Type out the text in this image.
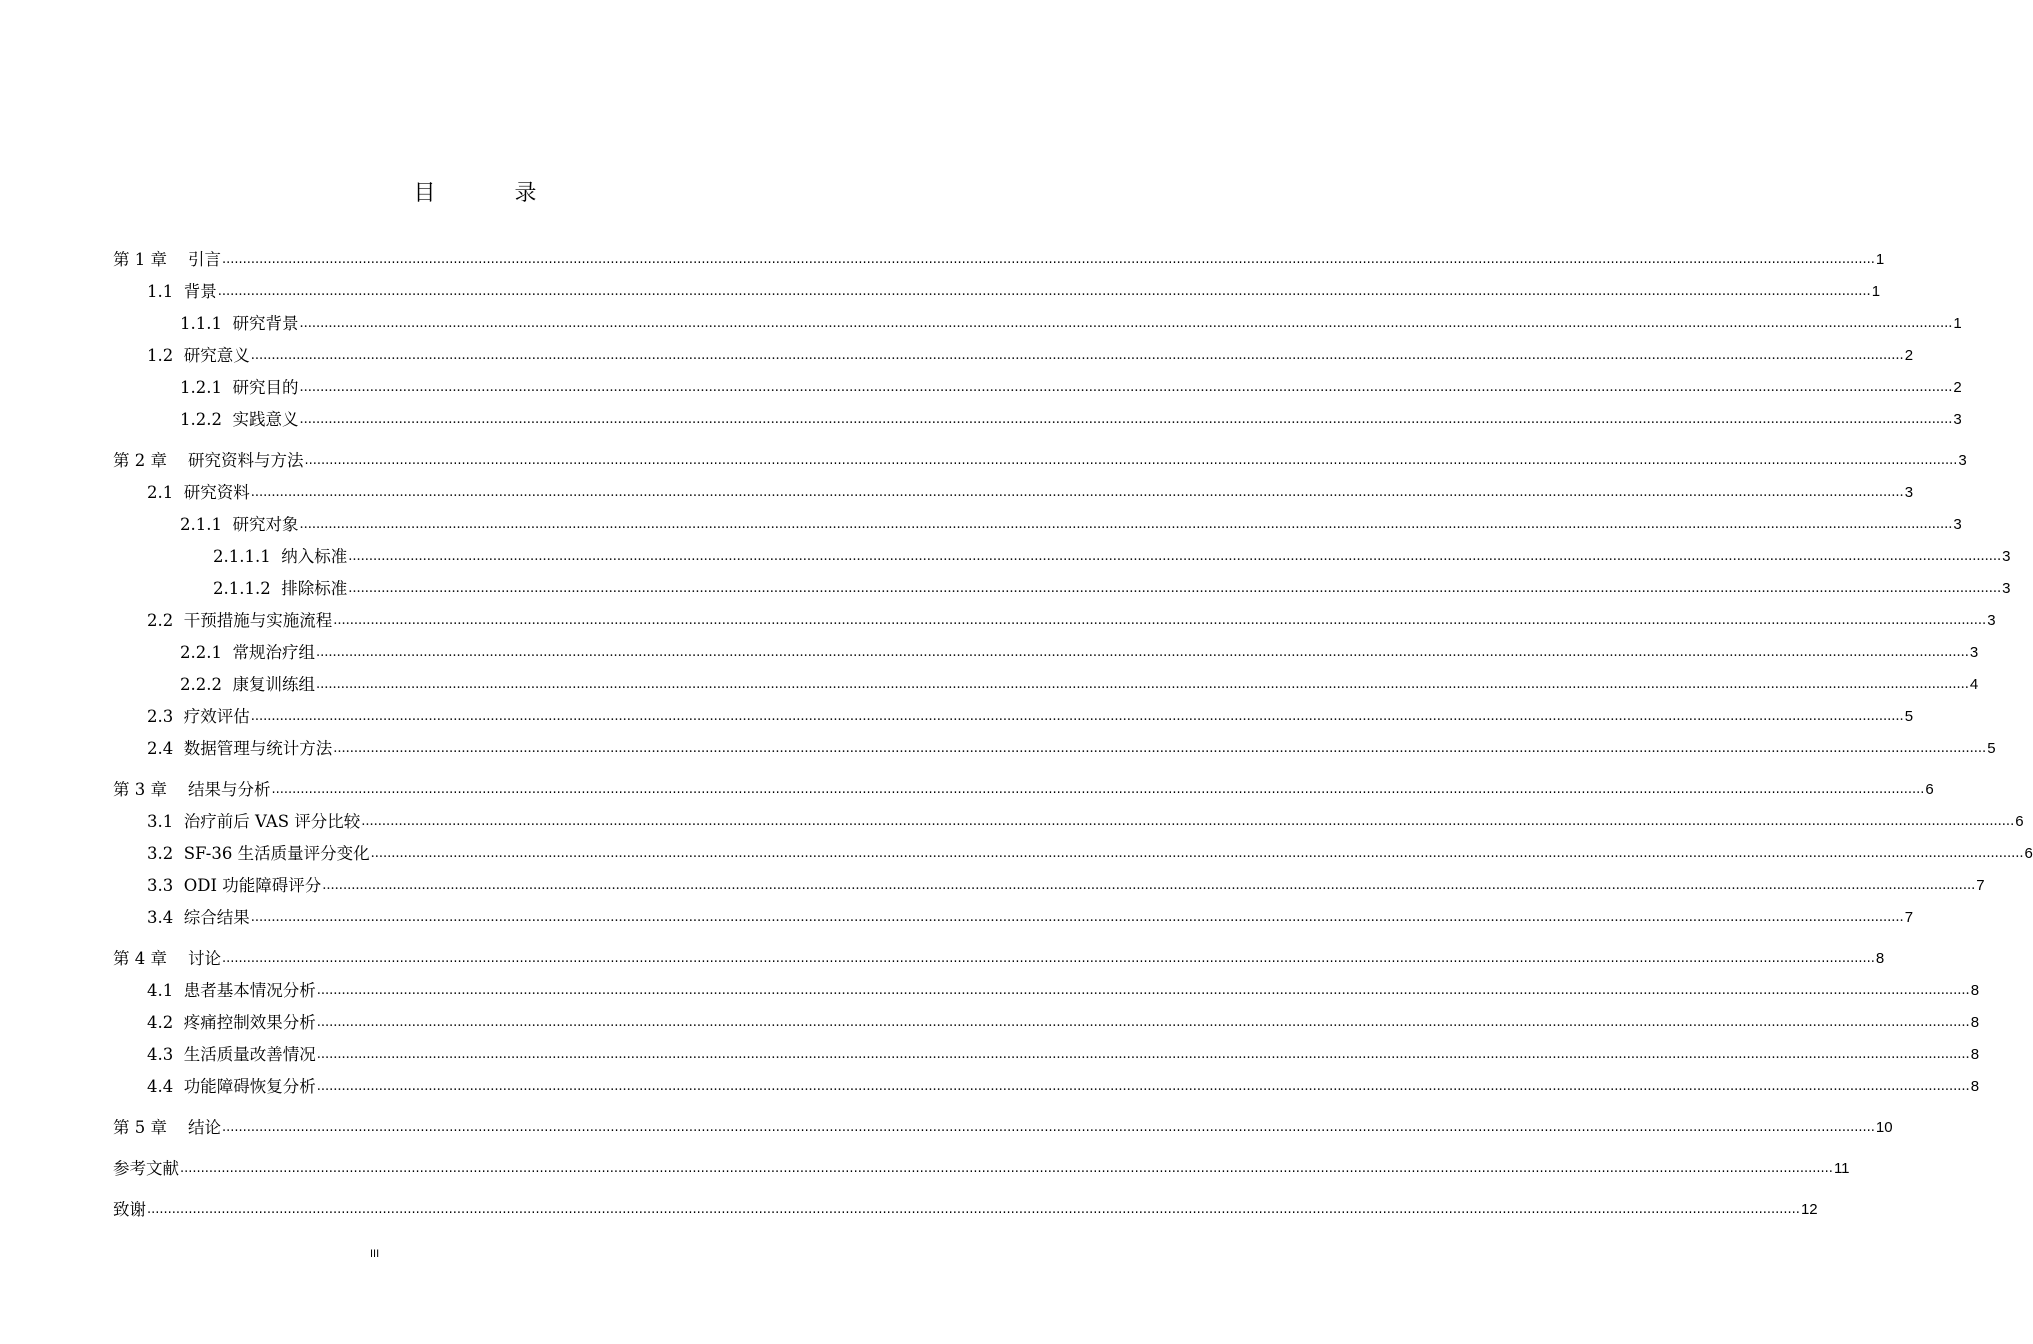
目 录
第 1 章
引言 ................................................................................................................................................................................................................................................................................................................................................................................................................ 1
1.1
背景 ................................................................................................................................................................................................................................................................................................................................................................................................................ 1
1.1.1
研究背景 ................................................................................................................................................................................................................................................................................................................................................................................................................ 1
1.2
研究意义 ................................................................................................................................................................................................................................................................................................................................................................................................................ 2
1.2.1
研究目的 ................................................................................................................................................................................................................................................................................................................................................................................................................ 2
1.2.2
实践意义 ................................................................................................................................................................................................................................................................................................................................................................................................................ 3
第 2 章
研究资料与方法 ................................................................................................................................................................................................................................................................................................................................................................................................................ 3
2.1
研究资料 ................................................................................................................................................................................................................................................................................................................................................................................................................ 3
2.1.1
研究对象 ................................................................................................................................................................................................................................................................................................................................................................................................................ 3
2.1.1.1
纳入标准 ................................................................................................................................................................................................................................................................................................................................................................................................................ 3
2.1.1.2
排除标准 ................................................................................................................................................................................................................................................................................................................................................................................................................ 3
2.2
干预措施与实施流程 ................................................................................................................................................................................................................................................................................................................................................................................................................ 3
2.2.1
常规治疗组 ................................................................................................................................................................................................................................................................................................................................................................................................................ 3
2.2.2
康复训练组 ................................................................................................................................................................................................................................................................................................................................................................................................................ 4
2.3
疗效评估 ................................................................................................................................................................................................................................................................................................................................................................................................................ 5
2.4
数据管理与统计方法 ................................................................................................................................................................................................................................................................................................................................................................................................................ 5
第 3 章
结果与分析 ................................................................................................................................................................................................................................................................................................................................................................................................................ 6
3.1
治疗前后 VAS 评分比较 ................................................................................................................................................................................................................................................................................................................................................................................................................ 6
3.2
SF-36 生活质量评分变化 ................................................................................................................................................................................................................................................................................................................................................................................................................ 6
3.3
ODI 功能障碍评分 ................................................................................................................................................................................................................................................................................................................................................................................................................ 7
3.4
综合结果 ................................................................................................................................................................................................................................................................................................................................................................................................................ 7
第 4 章
讨论 ................................................................................................................................................................................................................................................................................................................................................................................................................ 8
4.1
患者基本情况分析 ................................................................................................................................................................................................................................................................................................................................................................................................................ 8
4.2
疼痛控制效果分析 ................................................................................................................................................................................................................................................................................................................................................................................................................ 8
4.3
生活质量改善情况 ................................................................................................................................................................................................................................................................................................................................................................................................................ 8
4.4
功能障碍恢复分析 ................................................................................................................................................................................................................................................................................................................................................................................................................ 8
第 5 章
结论 ................................................................................................................................................................................................................................................................................................................................................................................................................ 10
参考文献 ................................................................................................................................................................................................................................................................................................................................................................................................................ 11
致谢 ................................................................................................................................................................................................................................................................................................................................................................................................................ 12
III
